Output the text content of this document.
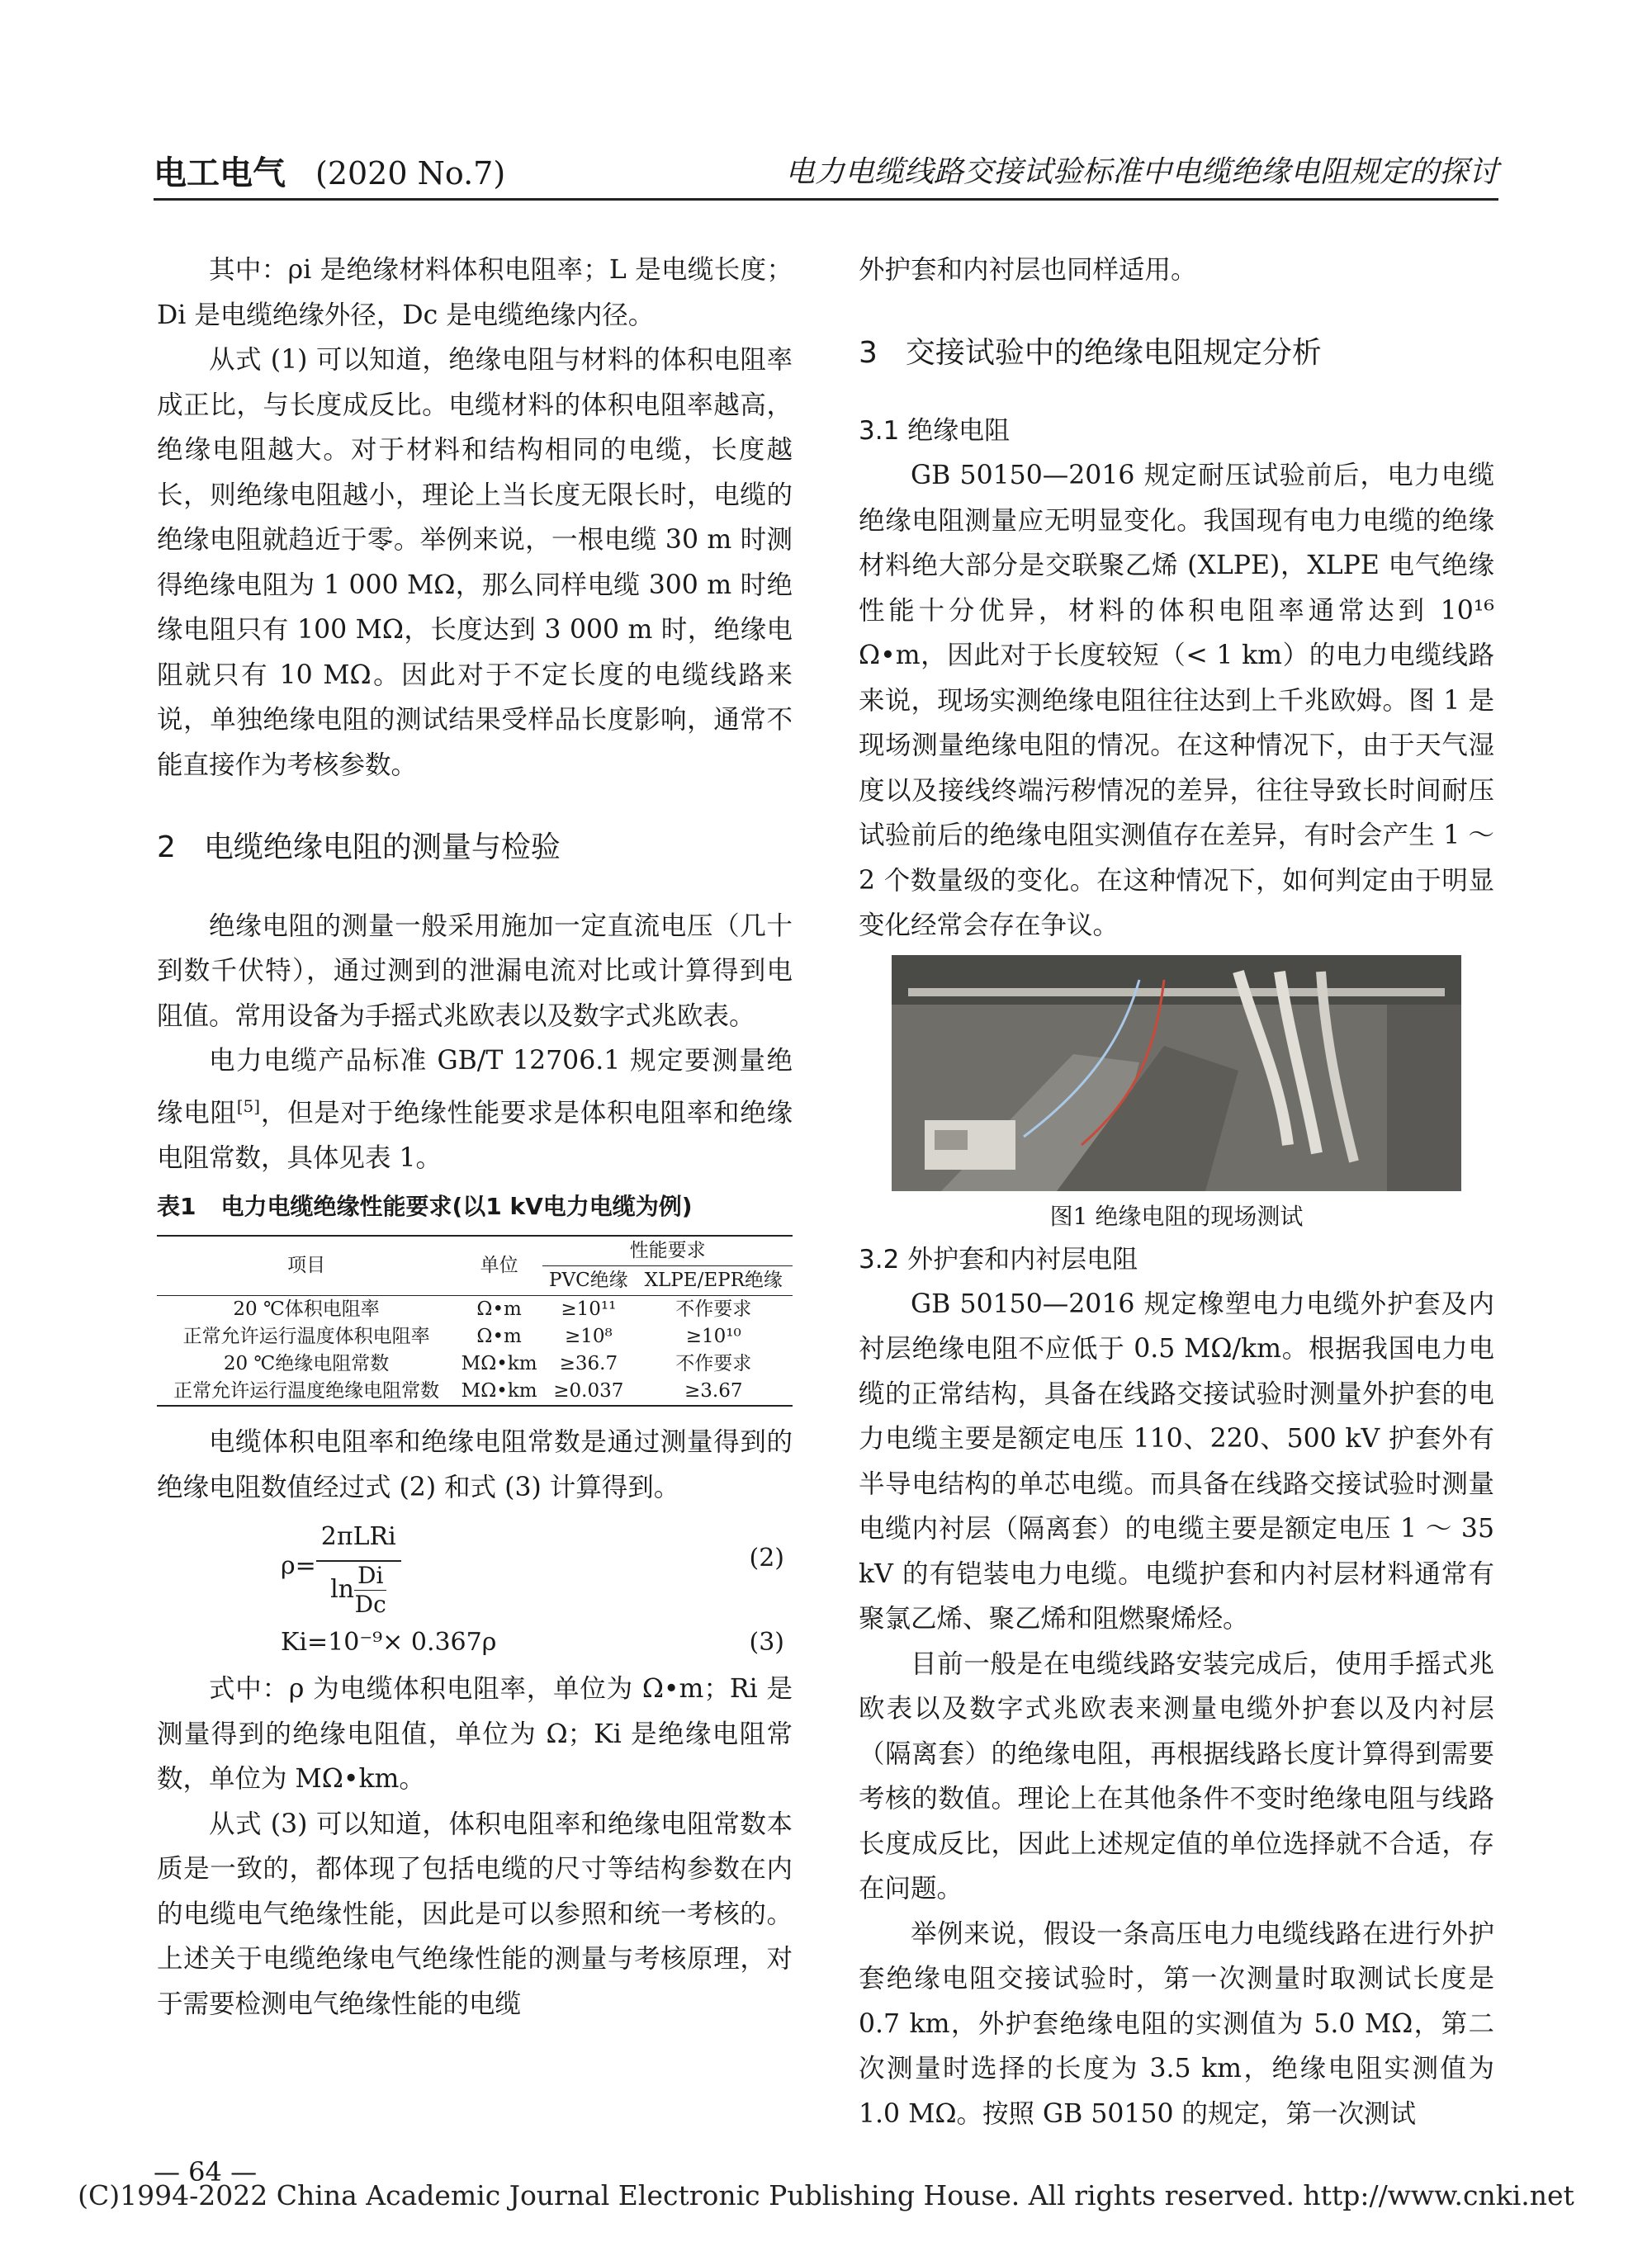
电工电气 (2020 No.7)	电力电缆线路交接试验标准中电缆绝缘电阻规定的探讨

其中：ρi 是绝缘材料体积电阻率；L 是电缆长度；Di 是电缆绝缘外径，Dc 是电缆绝缘内径。

从式 (1) 可以知道，绝缘电阻与材料的体积电阻率成正比，与长度成反比。电缆材料的体积电阻率越高，绝缘电阻越大。对于材料和结构相同的电缆，长度越长，则绝缘电阻越小，理论上当长度无限长时，电缆的绝缘电阻就趋近于零。举例来说，一根电缆 30 m 时测得绝缘电阻为 1 000 MΩ，那么同样电缆 300 m 时绝缘电阻只有 100 MΩ，长度达到 3 000 m 时，绝缘电阻就只有 10 MΩ。因此对于不定长度的电缆线路来说，单独绝缘电阻的测试结果受样品长度影响，通常不能直接作为考核参数。

2 电缆绝缘电阻的测量与检验

绝缘电阻的测量一般采用施加一定直流电压（几十到数千伏特），通过测到的泄漏电流对比或计算得到电阻值。常用设备为手摇式兆欧表以及数字式兆欧表。

电力电缆产品标准 GB/T 12706.1 规定要测量绝缘电阻[5]，但是对于绝缘性能要求是体积电阻率和绝缘电阻常数，具体见表 1。

表1 电力电缆绝缘性能要求(以1 kV电力电缆为例)
项目	单位	性能要求	
		PVC绝缘	XLPE/EPR绝缘
20 ℃体积电阻率	Ω•m	≥10¹¹	不作要求
正常允许运行温度体积电阻率	Ω•m	≥10⁸	≥10¹⁰
20 ℃绝缘电阻常数	MΩ•km	≥36.7	不作要求
正常允许运行温度绝缘电阻常数	MΩ•km	≥0.037	≥3.67

电缆体积电阻率和绝缘电阻常数是通过测量得到的绝缘电阻数值经过式 (2) 和式 (3) 计算得到。

ρ= 2πLRi
ln Di
Dc	(2)
Ki=10⁻⁹× 0.367ρ	(3)

式中：ρ 为电缆体积电阻率，单位为 Ω•m；Ri 是测量得到的绝缘电阻值，单位为 Ω；Ki 是绝缘电阻常数，单位为 MΩ•km。

从式 (3) 可以知道，体积电阻率和绝缘电阻常数本质是一致的，都体现了包括电缆的尺寸等结构参数在内的电缆电气绝缘性能，因此是可以参照和统一考核的。上述关于电缆绝缘电气绝缘性能的测量与考核原理，对于需要检测电气绝缘性能的电缆

外护套和内衬层也同样适用。

3 交接试验中的绝缘电阻规定分析
3.1 绝缘电阻

GB 50150—2016 规定耐压试验前后，电力电缆绝缘电阻测量应无明显变化。我国现有电力电缆的绝缘材料绝大部分是交联聚乙烯 (XLPE)，XLPE 电气绝缘性能十分优异，材料的体积电阻率通常达到 10¹⁶ Ω•m，因此对于长度较短（< 1 km）的电力电缆线路来说，现场实测绝缘电阻往往达到上千兆欧姆。图 1 是现场测量绝缘电阻的情况。在这种情况下，由于天气湿度以及接线终端污秽情况的差异，往往导致长时间耐压试验前后的绝缘电阻实测值存在差异，有时会产生 1 ～ 2 个数量级的变化。在这种情况下，如何判定由于明显变化经常会存在争议。

图1 绝缘电阻的现场测试
3.2 外护套和内衬层电阻

GB 50150—2016 规定橡塑电力电缆外护套及内衬层绝缘电阻不应低于 0.5 MΩ/km。根据我国电力电缆的正常结构，具备在线路交接试验时测量外护套的电力电缆主要是额定电压 110、220、500 kV 护套外有半导电结构的单芯电缆。而具备在线路交接试验时测量电缆内衬层（隔离套）的电缆主要是额定电压 1 ～ 35 kV 的有铠装电力电缆。电缆护套和内衬层材料通常有聚氯乙烯、聚乙烯和阻燃聚烯烃。

目前一般是在电缆线路安装完成后，使用手摇式兆欧表以及数字式兆欧表来测量电缆外护套以及内衬层（隔离套）的绝缘电阻，再根据线路长度计算得到需要考核的数值。理论上在其他条件不变时绝缘电阻与线路长度成反比，因此上述规定值的单位选择就不合适，存在问题。

举例来说，假设一条高压电力电缆线路在进行外护套绝缘电阻交接试验时，第一次测量时取测试长度是 0.7 km，外护套绝缘电阻的实测值为 5.0 MΩ，第二次测量时选择的长度为 3.5 km，绝缘电阻实测值为 1.0 MΩ。按照 GB 50150 的规定，第一次测试

— 64 —
(C)1994-2022 China Academic Journal Electronic Publishing House. All rights reserved. http://www.cnki.net
